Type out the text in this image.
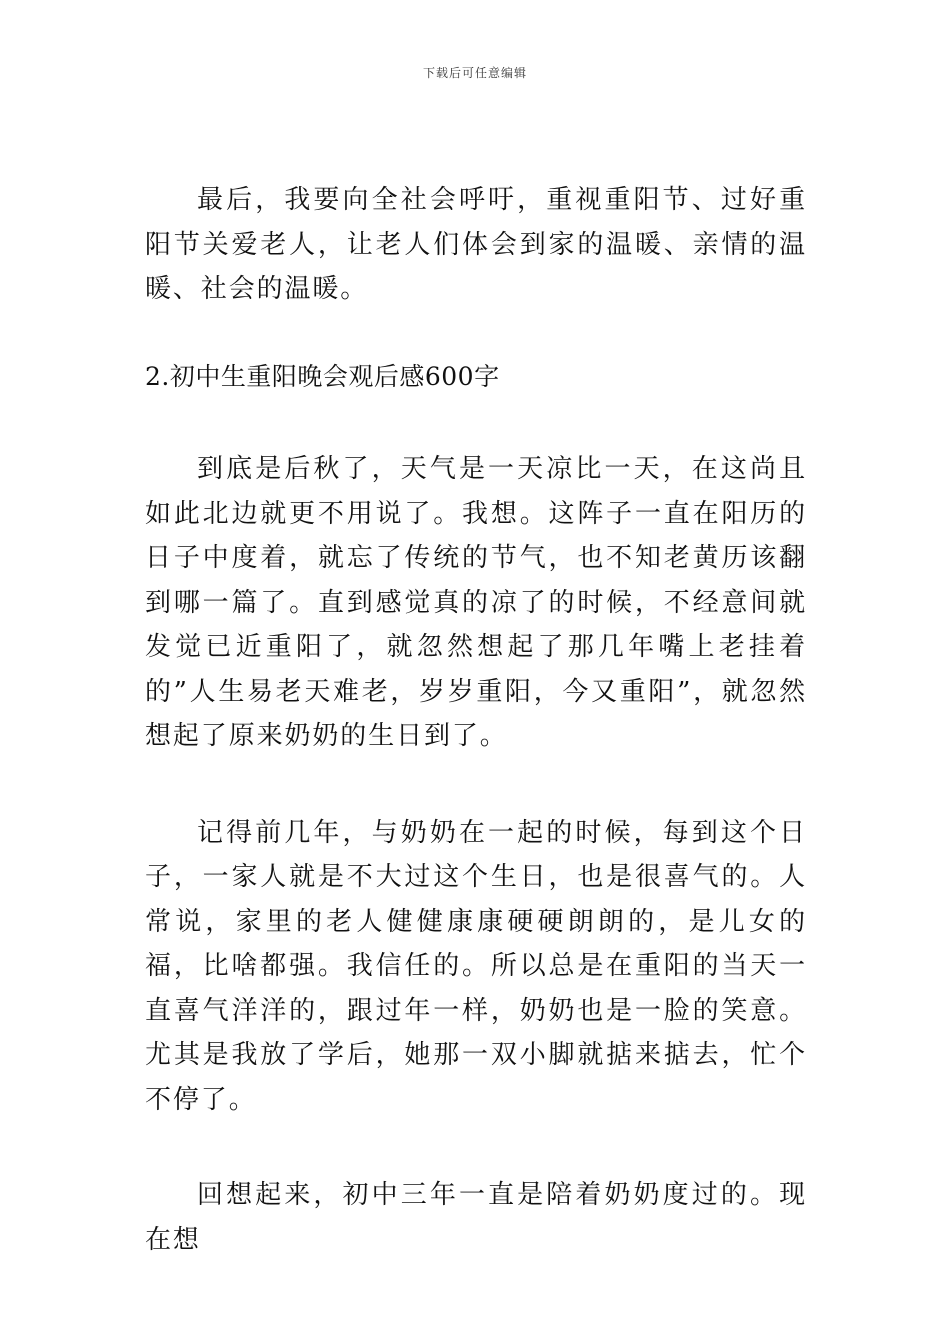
下载后可任意编辑

最后，我要向全社会呼吁，重视重阳节、过好重阳节关爱老人，让老人们体会到家的温暖、亲情的温暖、社会的温暖。

2.初中生重阳晚会观后感600字

到底是后秋了，天气是一天凉比一天，在这尚且如此北边就更不用说了。我想。这阵子一直在阳历的日子中度着，就忘了传统的节气，也不知老黄历该翻到哪一篇了。直到感觉真的凉了的时候，不经意间就发觉已近重阳了，就忽然想起了那几年嘴上老挂着的”人生易老天难老，岁岁重阳，今又重阳”，就忽然想起了原来奶奶的生日到了。

记得前几年，与奶奶在一起的时候，每到这个日子，一家人就是不大过这个生日，也是很喜气的。人常说，家里的老人健健康康硬硬朗朗的，是儿女的福，比啥都强。我信任的。所以总是在重阳的当天一直喜气洋洋的，跟过年一样，奶奶也是一脸的笑意。尤其是我放了学后，她那一双小脚就掂来掂去，忙个不停了。

回想起来，初中三年一直是陪着奶奶度过的。现在想
